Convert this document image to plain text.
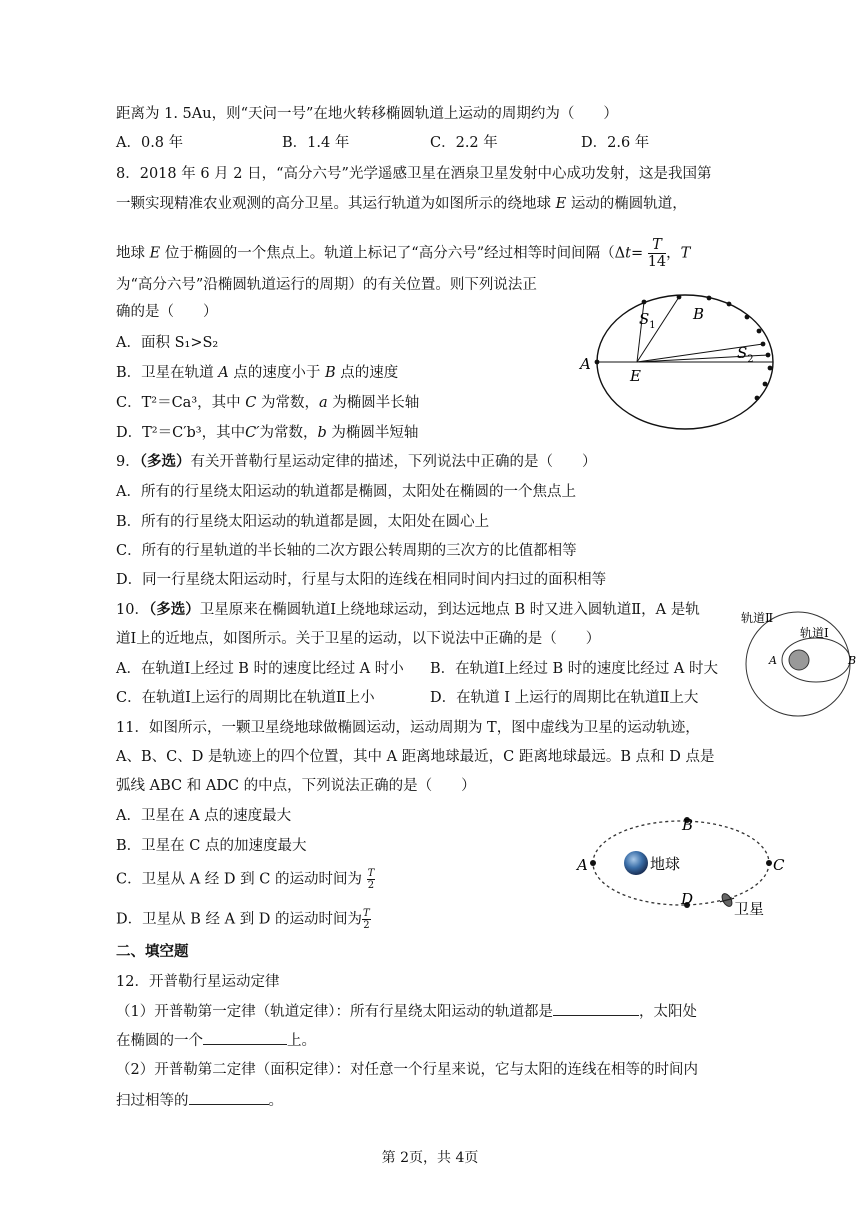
距离为 1. 5Au，则“天问一号”在地火转移椭圆轨道上运动的周期约为（　　）
A．0.8 年	B．1.4 年	C．2.2 年	D．2.6 年
8．2018 年 6 月 2 日，“高分六号”光学遥感卫星在酒泉卫星发射中心成功发射，这是我国第
一颗实现精准农业观测的高分卫星。其运行轨道为如图所示的绕地球 E 运动的椭圆轨道，
地球 E 位于椭圆的一个焦点上。轨道上标记了“高分六号”经过相等时间间隔（$\Delta t= \frac{T}{14}$ ，T
为“高分六号”沿椭圆轨道运行的周期）的有关位置。则下列说法正
确的是（　　）
A．面积 S₁>S₂
B．卫星在轨道 A 点的速度小于 B 点的速度
C．T²＝Ca³，其中 C 为常数，a 为椭圆半长轴
D．T²＝C′b³，其中C′为常数，b 为椭圆半短轴
A
E
B
$S_1$
$S_2$
9．（多选）有关开普勒行星运动定律的描述，下列说法中正确的是（　　）
A．所有的行星绕太阳运动的轨道都是椭圆，太阳处在椭圆的一个焦点上
B．所有的行星绕太阳运动的轨道都是圆，太阳处在圆心上
C．所有的行星轨道的半长轴的二次方跟公转周期的三次方的比值都相等
D．同一行星绕太阳运动时，行星与太阳的连线在相同时间内扫过的面积相等
10．（多选）卫星原来在椭圆轨道Ⅰ上绕地球运动，到达远地点 B 时又进入圆轨道Ⅱ，A 是轨
道Ⅰ上的近地点，如图所示。关于卫星的运动，以下说法中正确的是（　　）
A．在轨道Ⅰ上经过 B 时的速度比经过 A 时小 B．在轨道Ⅰ上经过 B 时的速度比经过 A 时大
C．在轨道Ⅰ上运行的周期比在轨道Ⅱ上小	D．在轨道 I 上运行的周期比在轨道Ⅱ上大
轨道Ⅱ
轨道Ⅰ
A	B
11．如图所示，一颗卫星绕地球做椭圆运动，运动周期为 T，图中虚线为卫星的运动轨迹，
A、B、C、D 是轨迹上的四个位置，其中 A 距离地球最近，C 距离地球最远。B 点和 D 点是
弧线 ABC 和 ADC 的中点，下列说法正确的是（　　）
A．卫星在 A 点的速度最大
B．卫星在 C 点的加速度最大
C．卫星从 A 经 D 到 C 的运动时间为 $\frac{T}{2}$
D．卫星从 B 经 A 到 D 的运动时间为 $\frac{T}{2}$
A
B
C
D
地球
卫星
二、填空题
12．开普勒行星运动定律
（1）开普勒第一定律（轨道定律）：所有行星绕太阳运动的轨道都是	，太阳处
在椭圆的一个	上。
（2）开普勒第二定律（面积定律）：对任意一个行星来说，它与太阳的连线在相等的时间内
扫过相等的	。
第 2页，共 4页
